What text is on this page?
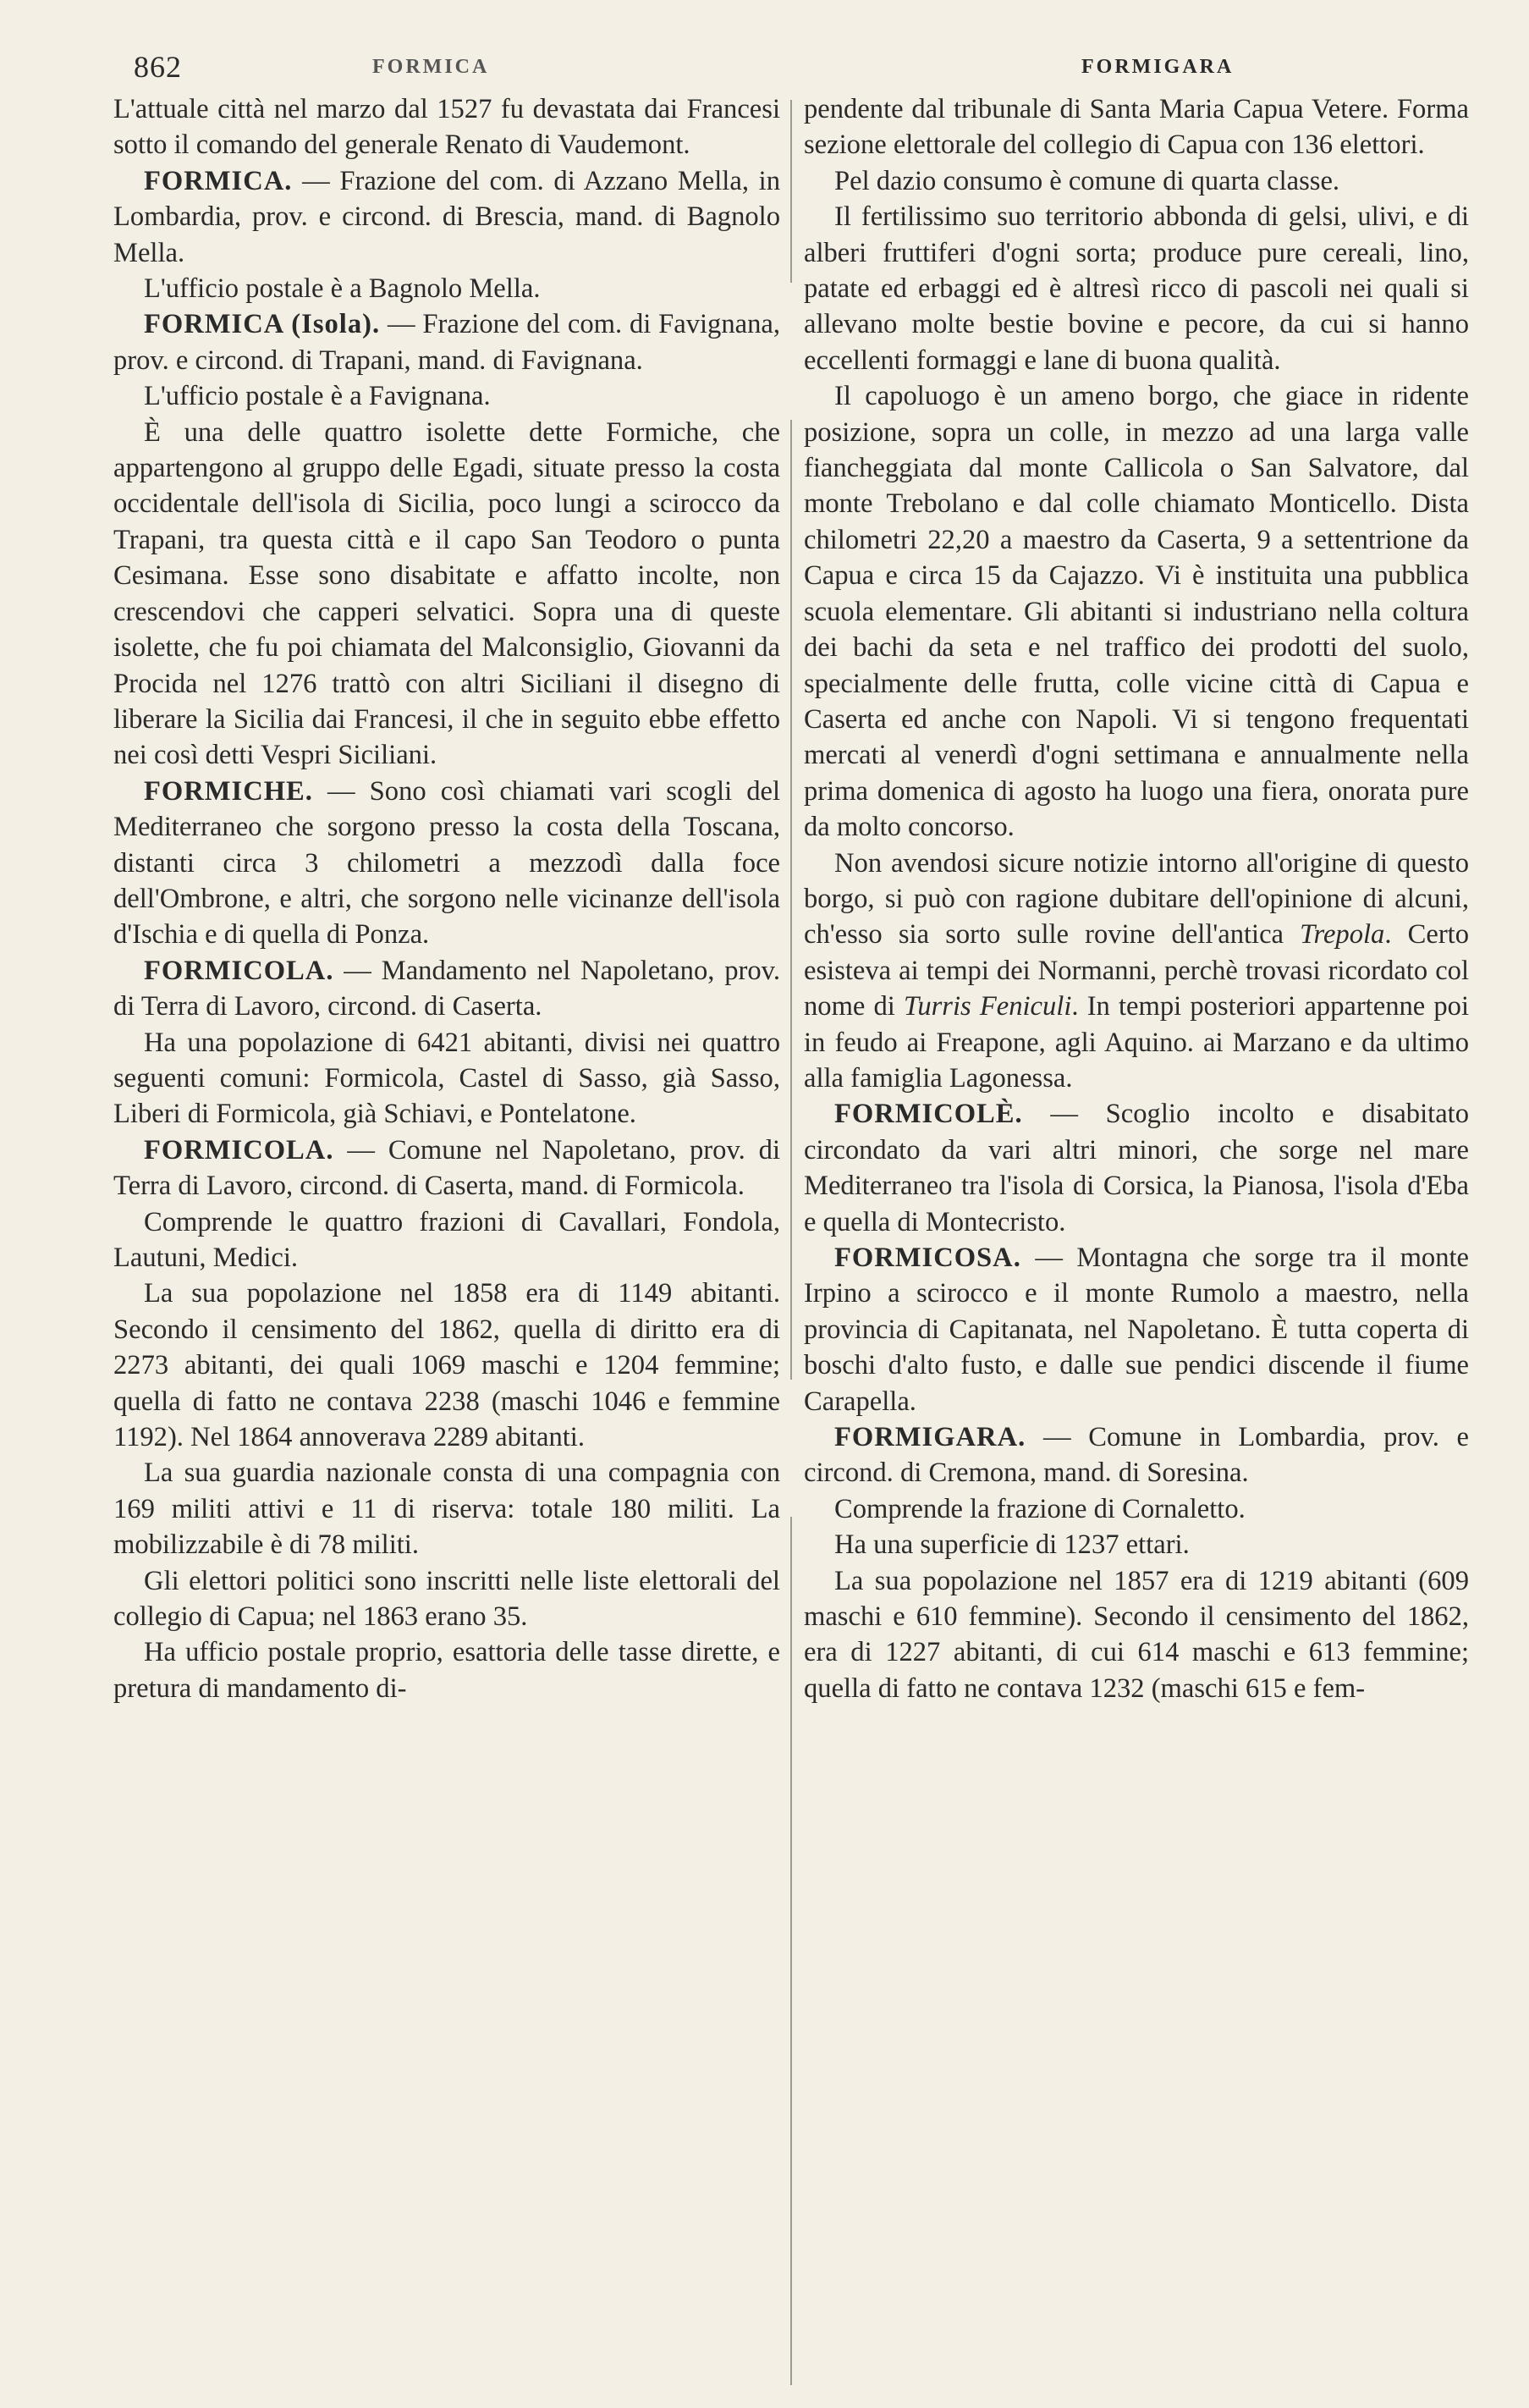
862	FORMICA	FORMIGARA

L'attuale città nel marzo dal 1527 fu devastata dai Francesi sotto il comando del generale Renato di Vaudemont.

FORMICA. — Frazione del com. di Azzano Mella, in Lombardia, prov. e circond. di Brescia, mand. di Bagnolo Mella.

L'ufficio postale è a Bagnolo Mella.

FORMICA (Isola). — Frazione del com. di Favignana, prov. e circond. di Trapani, mand. di Favignana.

L'ufficio postale è a Favignana.

È una delle quattro isolette dette Formiche, che appartengono al gruppo delle Egadi, situate presso la costa occidentale dell'isola di Sicilia, poco lungi a scirocco da Trapani, tra questa città e il capo San Teodoro o punta Cesimana. Esse sono disabitate e affatto incolte, non crescendovi che capperi selvatici. Sopra una di queste isolette, che fu poi chiamata del Malconsiglio, Giovanni da Procida nel 1276 trattò con altri Siciliani il disegno di liberare la Sicilia dai Francesi, il che in seguito ebbe effetto nei così detti Vespri Siciliani.

FORMICHE. — Sono così chiamati vari scogli del Mediterraneo che sorgono presso la costa della Toscana, distanti circa 3 chilometri a mezzodì dalla foce dell'Ombrone, e altri, che sorgono nelle vicinanze dell'isola d'Ischia e di quella di Ponza.

FORMICOLA. — Mandamento nel Napoletano, prov. di Terra di Lavoro, circond. di Caserta.

Ha una popolazione di 6421 abitanti, divisi nei quattro seguenti comuni: Formicola, Castel di Sasso, già Sasso, Liberi di Formicola, già Schiavi, e Pontelatone.

FORMICOLA. — Comune nel Napoletano, prov. di Terra di Lavoro, circond. di Caserta, mand. di Formicola.

Comprende le quattro frazioni di Cavallari, Fondola, Lautuni, Medici.

La sua popolazione nel 1858 era di 1149 abitanti. Secondo il censimento del 1862, quella di diritto era di 2273 abitanti, dei quali 1069 maschi e 1204 femmine; quella di fatto ne contava 2238 (maschi 1046 e femmine 1192). Nel 1864 annoverava 2289 abitanti.

La sua guardia nazionale consta di una compagnia con 169 militi attivi e 11 di riserva: totale 180 militi. La mobilizzabile è di 78 militi.

Gli elettori politici sono inscritti nelle liste elettorali del collegio di Capua; nel 1863 erano 35.

Ha ufficio postale proprio, esattoria delle tasse dirette, e pretura di mandamento di-

pendente dal tribunale di Santa Maria Capua Vetere. Forma sezione elettorale del collegio di Capua con 136 elettori.

Pel dazio consumo è comune di quarta classe.

Il fertilissimo suo territorio abbonda di gelsi, ulivi, e di alberi fruttiferi d'ogni sorta; produce pure cereali, lino, patate ed erbaggi ed è altresì ricco di pascoli nei quali si allevano molte bestie bovine e pecore, da cui si hanno eccellenti formaggi e lane di buona qualità.

Il capoluogo è un ameno borgo, che giace in ridente posizione, sopra un colle, in mezzo ad una larga valle fiancheggiata dal monte Callicola o San Salvatore, dal monte Trebolano e dal colle chiamato Monticello. Dista chilometri 22,20 a maestro da Caserta, 9 a settentrione da Capua e circa 15 da Cajazzo. Vi è instituita una pubblica scuola elementare. Gli abitanti si industriano nella coltura dei bachi da seta e nel traffico dei prodotti del suolo, specialmente delle frutta, colle vicine città di Capua e Caserta ed anche con Napoli. Vi si tengono frequentati mercati al venerdì d'ogni settimana e annualmente nella prima domenica di agosto ha luogo una fiera, onorata pure da molto concorso.

Non avendosi sicure notizie intorno all'origine di questo borgo, si può con ragione dubitare dell'opinione di alcuni, ch'esso sia sorto sulle rovine dell'antica Trepola. Certo esisteva ai tempi dei Normanni, perchè trovasi ricordato col nome di Turris Feniculi. In tempi posteriori appartenne poi in feudo ai Freapone, agli Aquino. ai Marzano e da ultimo alla famiglia Lagonessa.

FORMICOLÈ. — Scoglio incolto e disabitato circondato da vari altri minori, che sorge nel mare Mediterraneo tra l'isola di Corsica, la Pianosa, l'isola d'Eba e quella di Montecristo.

FORMICOSA. — Montagna che sorge tra il monte Irpino a scirocco e il monte Rumolo a maestro, nella provincia di Capitanata, nel Napoletano. È tutta coperta di boschi d'alto fusto, e dalle sue pendici discende il fiume Carapella.

FORMIGARA. — Comune in Lombardia, prov. e circond. di Cremona, mand. di Soresina.

Comprende la frazione di Cornaletto.

Ha una superficie di 1237 ettari.

La sua popolazione nel 1857 era di 1219 abitanti (609 maschi e 610 femmine). Secondo il censimento del 1862, era di 1227 abitanti, di cui 614 maschi e 613 femmine; quella di fatto ne contava 1232 (maschi 615 e fem-
